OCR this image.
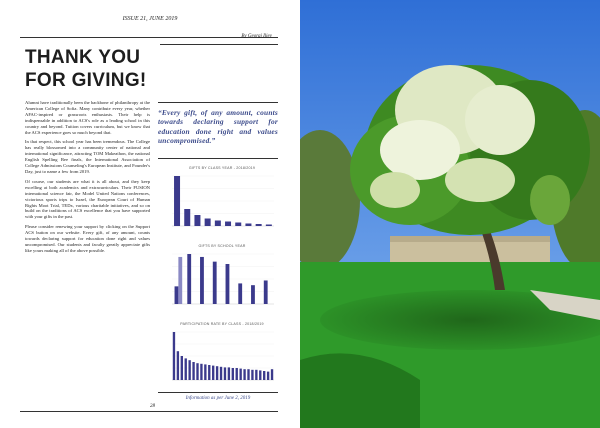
ISSUE 21, JUNE 2019
By Georgi Iliev
THANK YOU
FOR GIVING!

Alumni have traditionally been the backbone of philanthropy at the American College of Sofia. Many contribute every year, whether AFAC-inspired or grassroots enthusiasts. Their help is indispensable in addition to ACS's role as a leading school in this country and beyond. Tuition covers curriculum, but we know that the ACS experience goes so much beyond that.

In that respect, this school year has been tremendous. The College has really blossomed into a community center of national and international significance, attracting TOM Makeathon, the national English Spelling Bee finals, the International Association of College Admissions Counseling's European Institute, and Founder's Day, just to name a few from 2019.

Of course, our students are what it is all about, and they keep excelling at both academics and extracurriculars. Their FUSION international science fair, the Model United Nations conferences, victorious sports trips to Israel, the European Court of Human Rights Moot Trial, TEDx, various charitable initiatives, and so on build on the traditions of ACS excellence that you have supported with your gifts in the past.

Please consider renewing your support by clicking on the Support ACS button on our website. Every gift, of any amount, counts towards declaring support for education done right and values uncompromised. Our students and faculty greatly appreciate gifts like yours making all of the above possible.

“Every gift, of any amount, counts towards declaring support for education done right and values uncompromised.”
GIFTS BY CLASS YEAR - 2018/2019
GIFTS BY SCHOOL YEAR
PARTICIPATION RATE BY CLASS - 2018/2019
Information as per June 2, 2019
28
